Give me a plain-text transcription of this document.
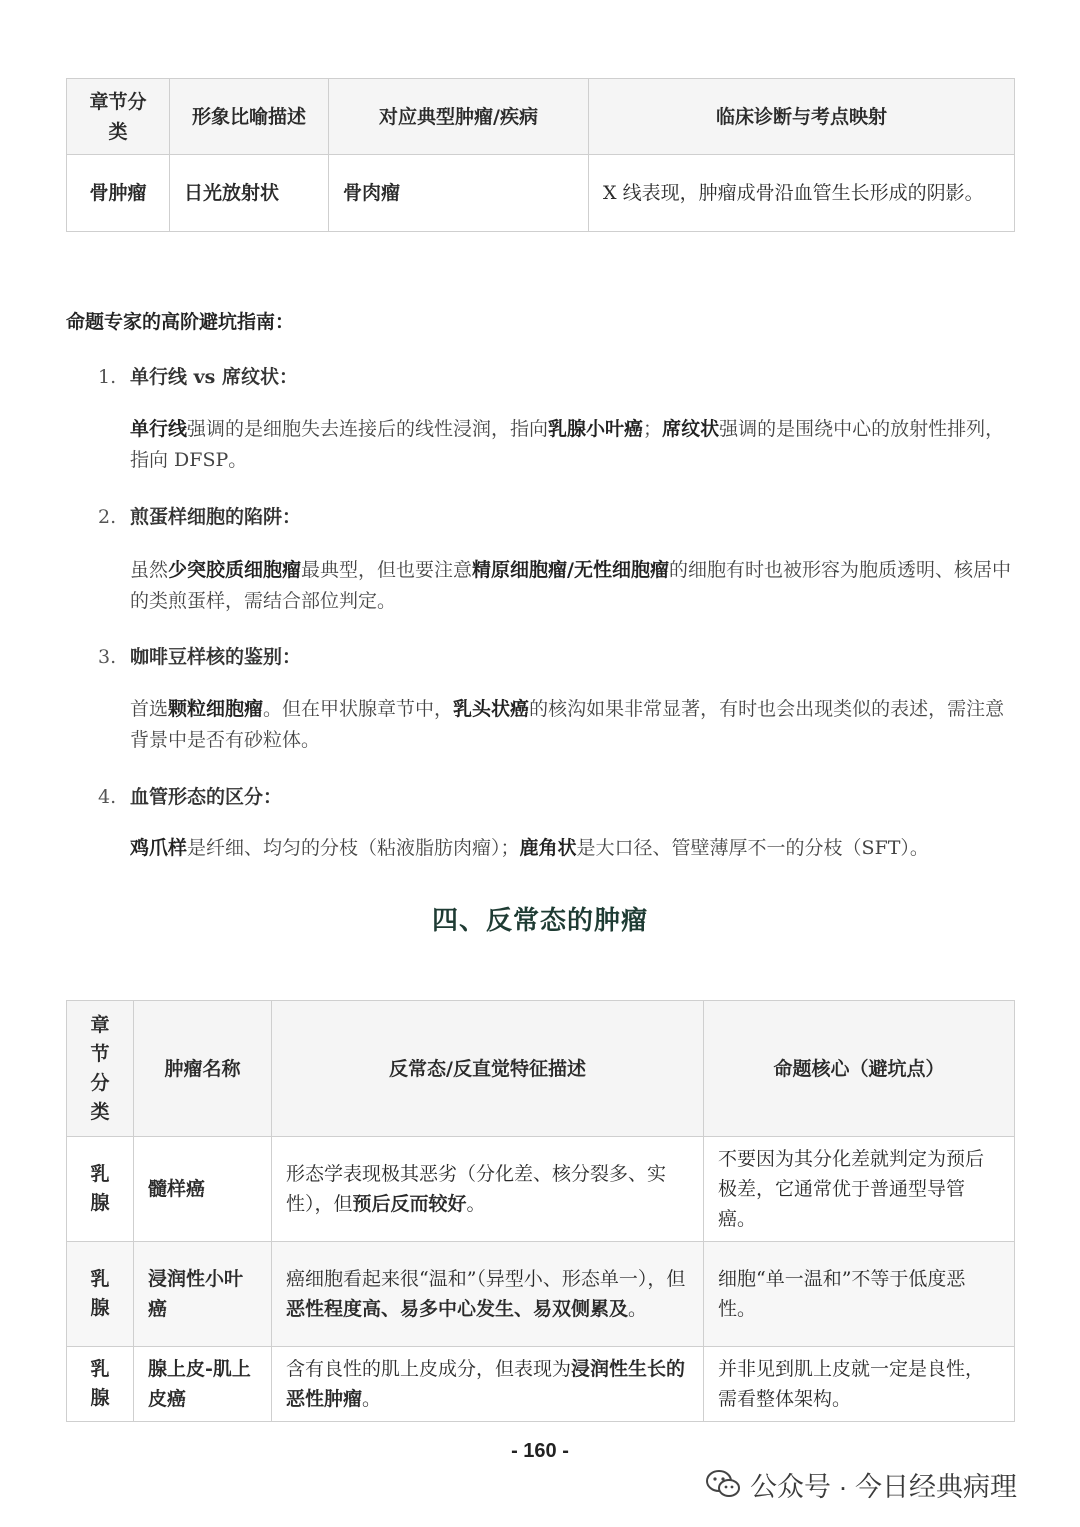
章节分类	形象比喻描述	对应典型肿瘤/疾病	临床诊断与考点映射
骨肿瘤	日光放射状	骨肉瘤	X 线表现，肿瘤成骨沿血管生长形成的阴影。
命题专家的高阶避坑指南：
1. 单行线 vs 席纹状：
单行线强调的是细胞失去连接后的线性浸润，指向乳腺小叶癌；席纹状强调的是围绕中心的放射性排列，指向 DFSP。
2. 煎蛋样细胞的陷阱：
虽然少突胶质细胞瘤最典型，但也要注意精原细胞瘤/无性细胞瘤的细胞有时也被形容为胞质透明、核居中的类煎蛋样，需结合部位判定。
3. 咖啡豆样核的鉴别：
首选颗粒细胞瘤。但在甲状腺章节中，乳头状癌的核沟如果非常显著，有时也会出现类似的表述，需注意背景中是否有砂粒体。
4. 血管形态的区分：
鸡爪样是纤细、均匀的分枝（粘液脂肪肉瘤）；鹿角状是大口径、管壁薄厚不一的分枝（SFT）。
四、反常态的肿瘤
章节分类	肿瘤名称	反常态/反直觉特征描述	命题核心（避坑点）

乳腺	髓样癌	形态学表现极其恶劣（分化差、核分裂多、实性），但预后反而较好。	不要因为其分化差就判定为预后极差，它通常优于普通型导管癌。

乳腺	浸润性小叶癌	癌细胞看起来很“温和”（异型小、形态单一），但恶性程度高、易多中心发生、易双侧累及。	细胞“单一温和”不等于低度恶性。

乳腺	腺上皮-肌上皮癌	含有良性的肌上皮成分，但表现为浸润性生长的恶性肿瘤。	并非见到肌上皮就一定是良性，需看整体架构。
- 160 -
公众号 · 今日经典病理
